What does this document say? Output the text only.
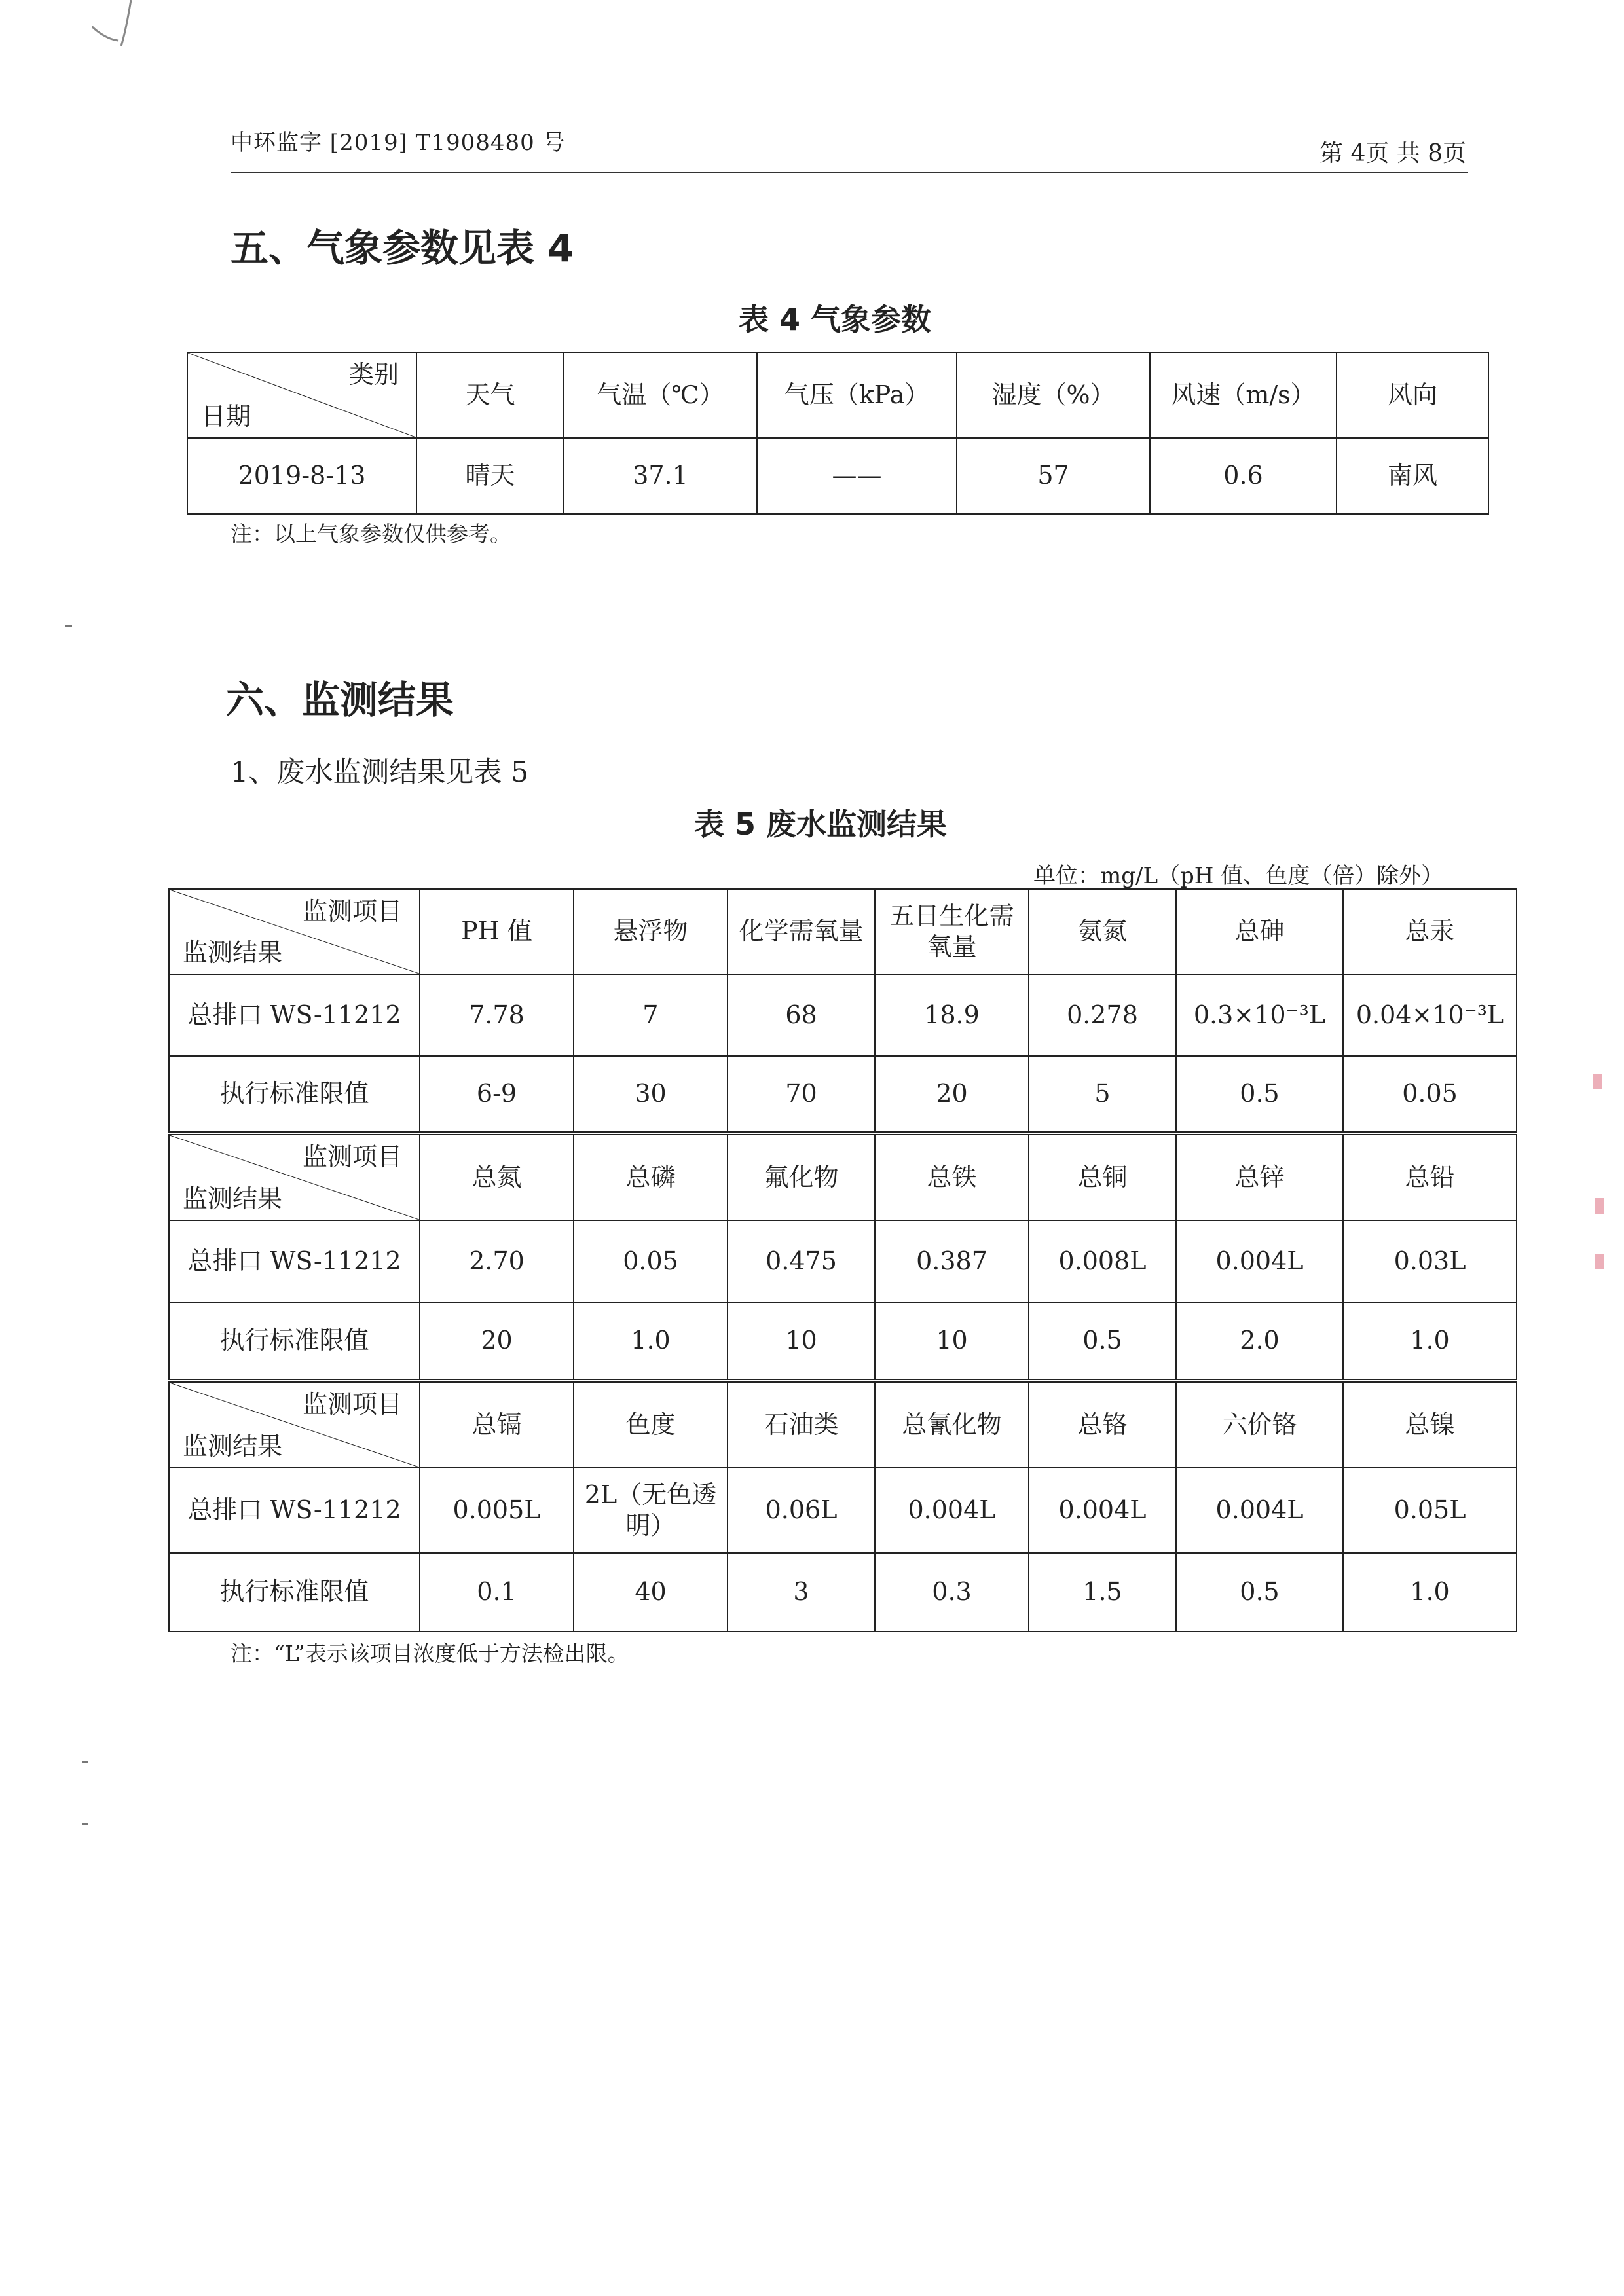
中环监字 [2019] T1908480 号	第 4页 共 8页
五、气象参数见表 4
表 4 气象参数
类别
日期	天气	气温（℃）	气压（kPa）	湿度（%）	风速（m/s）	风向
2019-8-13	晴天	37.1	——	57	0.6	南风
注：以上气象参数仅供参考。
六、监测结果
1、废水监测结果见表 5
表 5 废水监测结果
单位：mg/L（pH 值、色度（倍）除外）
监测项目
监测结果	PH 值	悬浮物	化学需氧量	五日生化需氧量	氨氮	总砷	总汞
总排口 WS-11212	7.78	7	68	18.9	0.278	0.3×10⁻³L	0.04×10⁻³L
执行标准限值	6-9	30	70	20	5	0.5	0.05

监测项目
监测结果	总氮	总磷	氟化物	总铁	总铜	总锌	总铅
总排口 WS-11212	2.70	0.05	0.475	0.387	0.008L	0.004L	0.03L
执行标准限值	20	1.0	10	10	0.5	2.0	1.0

监测项目
监测结果	总镉	色度	石油类	总氰化物	总铬	六价铬	总镍
总排口 WS-11212	0.005L	2L（无色透明）	0.06L	0.004L	0.004L	0.004L	0.05L
执行标准限值	0.1	40	3	0.3	1.5	0.5	1.0
注：“L”表示该项目浓度低于方法检出限。
